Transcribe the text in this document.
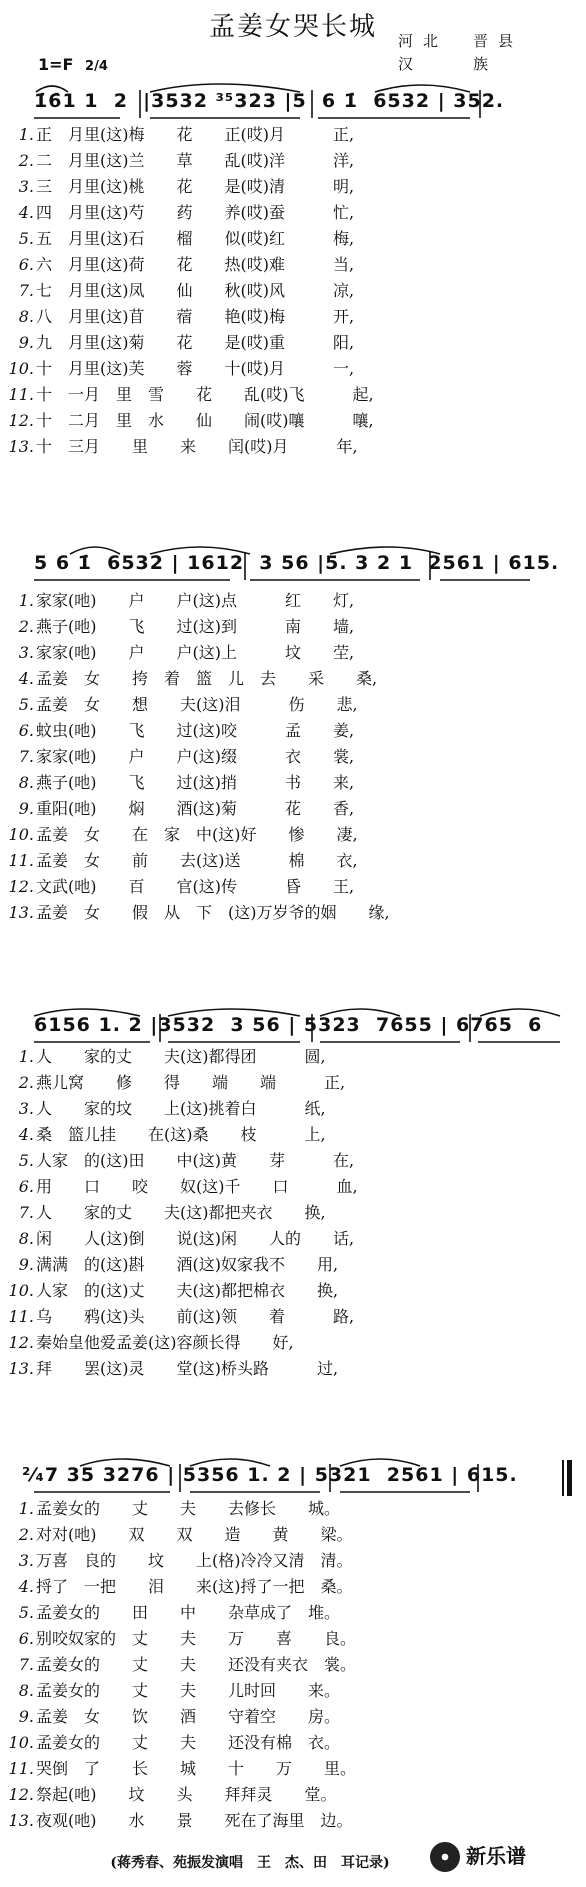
孟姜女哭长城	河北　晋县
汉　　族
1=F 2/4
1̇6̇1 1  2  |3532 ³⁵323 |5  6 1̇  6532 | 352.
1. 正　月里(这)梅　　花　　正(哎)月　　　正,
2. 二　月里(这)兰　　草　　乱(哎)洋　　　洋,
3. 三　月里(这)桃　　花　　是(哎)清　　　明,
4. 四　月里(这)芍　　药　　养(哎)蚕　　　忙,
5. 五　月里(这)石　　榴　　似(哎)红　　　梅,
6. 六　月里(这)荷　　花　　热(哎)难　　　当,
7. 七　月里(这)凤　　仙　　秋(哎)风　　　凉,
8. 八　月里(这)苜　　蓿　　艳(哎)梅　　　开,
9. 九　月里(这)菊　　花　　是(哎)重　　　阳,
10. 十　月里(这)芙　　蓉　　十(哎)月　　　一,
11. 十　一月　里　雪　　花　　乱(哎)飞　　　起,
12. 十　二月　里　水　　仙　　闹(哎)嚷　　　嚷,
13. 十　三月　　里　　来　　闰(哎)月　　　年,
5 6 1̇  6532 | 1612  3 56 |5. 3 2 1  2561 | 615.
1. 家家(吔)　　户　　户(这)点　　　红　　灯,
2. 燕子(吔)　　飞　　过(这)到　　　南　　墙,
3. 家家(吔)　　户　　户(这)上　　　坟　　茔,
4. 孟姜　女　　挎　着　篮　儿　去　　采　　桑,
5. 孟姜　女　　想　　夫(这)泪　　　伤　　悲,
6. 蚊虫(吔)　　飞　　过(这)咬　　　孟　　姜,
7. 家家(吔)　　户　　户(这)缀　　　衣　　裳,
8. 燕子(吔)　　飞　　过(这)捎　　　书　　来,
9. 重阳(吔)　　焖　　酒(这)菊　　　花　　香,
10. 孟姜　女　　在　家　中(这)好　　惨　　凄,
11. 孟姜　女　　前　　去(这)送　　　棉　　衣,
12. 文武(吔)　　百　　官(这)传　　　昏　　王,
13. 孟姜　女　　假　从　下　(这)万岁爷的姻　　缘,
6156 1. 2 |3532  3 56 | 5323  7655 | 6765  6
1. 人　　家的丈　　夫(这)都得团　　　圆,
2. 燕儿窝　　修　　得　　端　　端　　　正,
3. 人　　家的坟　　上(这)挑着白　　　纸,
4. 桑　篮儿挂　　在(这)桑　　枝　　　上,
5. 人家　的(这)田　　中(这)黄　　芽　　　在,
6. 用　　口　　咬　　奴(这)千　　口　　　血,
7. 人　　家的丈　　夫(这)都把夹衣　　换,
8. 闲　　人(这)倒　　说(这)闲　　人的　　话,
9. 满满　的(这)斟　　酒(这)奴家我不　　用,
10. 人家　的(这)丈　　夫(这)都把棉衣　　换,
11. 乌　　鸦(这)头　　前(这)领　　着　　　路,
12. 秦始皇他爱孟姜(这)容颜长得　　好,
13. 拜　　罢(这)灵　　堂(这)桥头路　　　过,
²⁄₄7 35 3276 | 5356 1. 2 | 5321  2561 | 615.
1. 孟姜女的　　丈　　夫　　去修长　　城。
2. 对对(吔)　　双　　双　　造　　黄　　梁。
3. 万喜　良的　　坟　　上(格)冷冷又清　清。
4. 捋了　一把　　泪　　来(这)捋了一把　桑。
5. 孟姜女的　　田　　中　　杂草成了　堆。
6. 别咬奴家的　丈　　夫　　万　　喜　　良。
7. 孟姜女的　　丈　　夫　　还没有夹衣　裳。
8. 孟姜女的　　丈　　夫　　儿时回　　来。
9. 孟姜　女　　饮　　酒　　守着空　　房。
10. 孟姜女的　　丈　　夫　　还没有棉　衣。
11. 哭倒　了　　长　　城　　十　　万　　里。
12. 祭起(吔)　　坟　　头　　拜拜灵　　堂。
13. 夜观(吔)　　水　　景　　死在了海里　边。
(蒋秀春、苑振发演唱　王　杰、田　耳记录)	新乐谱
